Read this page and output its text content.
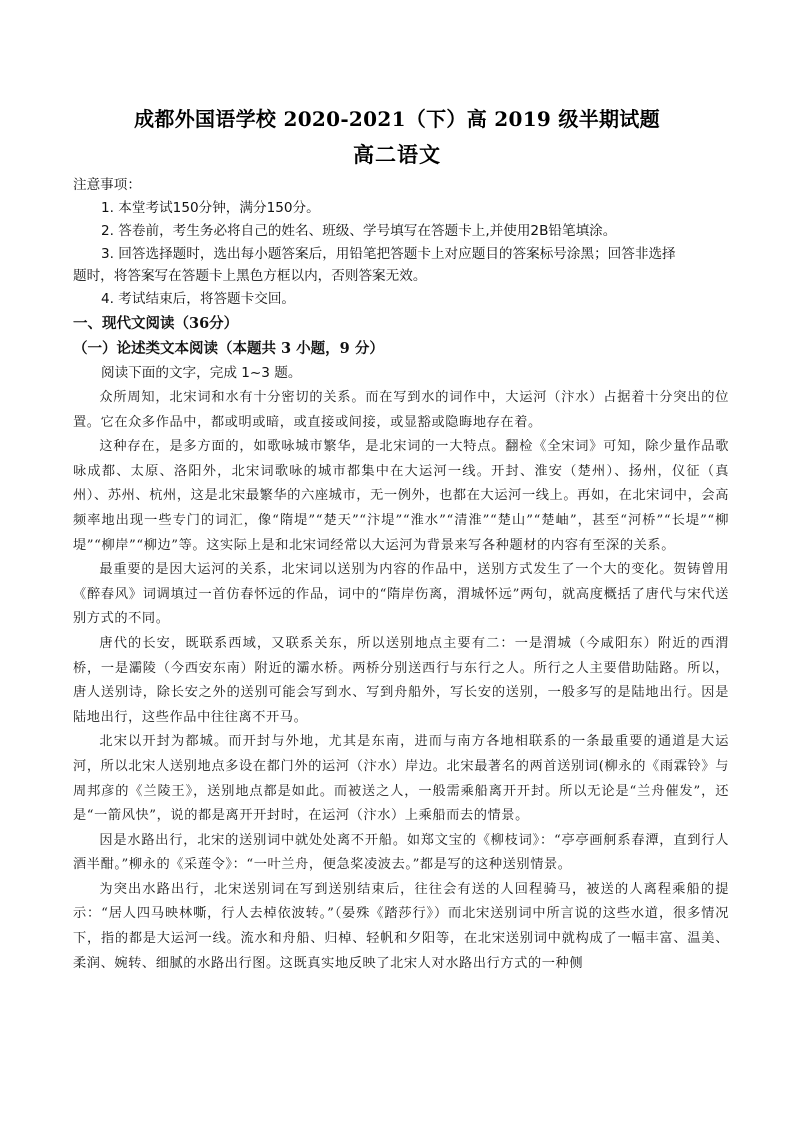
成都外国语学校 2020-2021（下）高 2019 级半期试题
高二语文
注意事项：
1. 本堂考试150分钟，满分150分。
2. 答卷前，考生务必将自己的姓名、班级、学号填写在答题卡上,并使用2B铅笔填涂。
3. 回答选择题时，选出每小题答案后，用铅笔把答题卡上对应题目的答案标号涂黑；回答非选择
题时，将答案写在答题卡上黑色方框以内，否则答案无效。
4. 考试结束后，将答题卡交回。
一、现代文阅读（36分）
（一）论述类文本阅读（本题共 3 小题，9 分）
阅读下面的文字，完成 1~3 题。

众所周知，北宋词和水有十分密切的关系。而在写到水的词作中，大运河（汴水）占据着十分突出的位置。它在众多作品中，都或明或暗，或直接或间接，或显豁或隐晦地存在着。

这种存在，是多方面的，如歌咏城市繁华，是北宋词的一大特点。翻检《全宋词》可知，除少量作品歌咏成都、太原、洛阳外，北宋词歌咏的城市都集中在大运河一线。开封、淮安（楚州）、扬州，仪征（真州）、苏州、杭州，这是北宋最繁华的六座城市，无一例外，也都在大运河一线上。再如，在北宋词中，会高频率地出现一些专门的词汇，像“隋堤”“楚天”“汴堤”“淮水”“清淮”“楚山”“楚岫”，甚至“河桥”“长堤”“柳堤”“柳岸”“柳边”等。这实际上是和北宋词经常以大运河为背景来写各种题材的内容有至深的关系。

最重要的是因大运河的关系，北宋词以送别为内容的作品中，送别方式发生了一个大的变化。贺铸曾用《醉春风》词调填过一首仿春怀远的作品，词中的“隋岸伤离，渭城怀远”两句，就高度概括了唐代与宋代送别方式的不同。

唐代的长安，既联系西域，又联系关东，所以送别地点主要有二：一是渭城（今咸阳东）附近的西渭桥，一是灞陵（今西安东南）附近的灞水桥。两桥分别送西行与东行之人。所行之人主要借助陆路。所以，唐人送别诗，除长安之外的送别可能会写到水、写到舟船外，写长安的送别，一般多写的是陆地出行。因是陆地出行，这些作品中往往离不开马。

北宋以开封为都城。而开封与外地，尤其是东南，进而与南方各地相联系的一条最重要的通道是大运河，所以北宋人送别地点多设在都门外的运河（汴水）岸边。北宋最著名的两首送别词(柳永的《雨霖铃》与周邦彦的《兰陵王》，送别地点都是如此。而被送之人，一般需乘船离开开封。所以无论是“兰舟催发”，还是“一箭风快”，说的都是离开开封时，在运河（汴水）上乘船而去的情景。

因是水路出行，北宋的送别词中就处处离不开船。如郑文宝的《柳枝词》：“亭亭画舸系春潭，直到行人酒半酣。”柳永的《采莲令》：“一叶兰舟，便急桨凌波去。”都是写的这种送别情景。

为突出水路出行，北宋送别词在写到送别结束后，往往会有送的人回程骑马，被送的人离程乘船的提示：“居人四马映林嘶，行人去棹依波转。”（晏殊《踏莎行》）而北宋送别词中所言说的这些水道，很多情况下，指的都是大运河一线。流水和舟船、归棹、轻帆和夕阳等，在北宋送别词中就构成了一幅丰富、温美、柔润、婉转、细腻的水路出行图。这既真实地反映了北宋人对水路出行方式的一种侧
